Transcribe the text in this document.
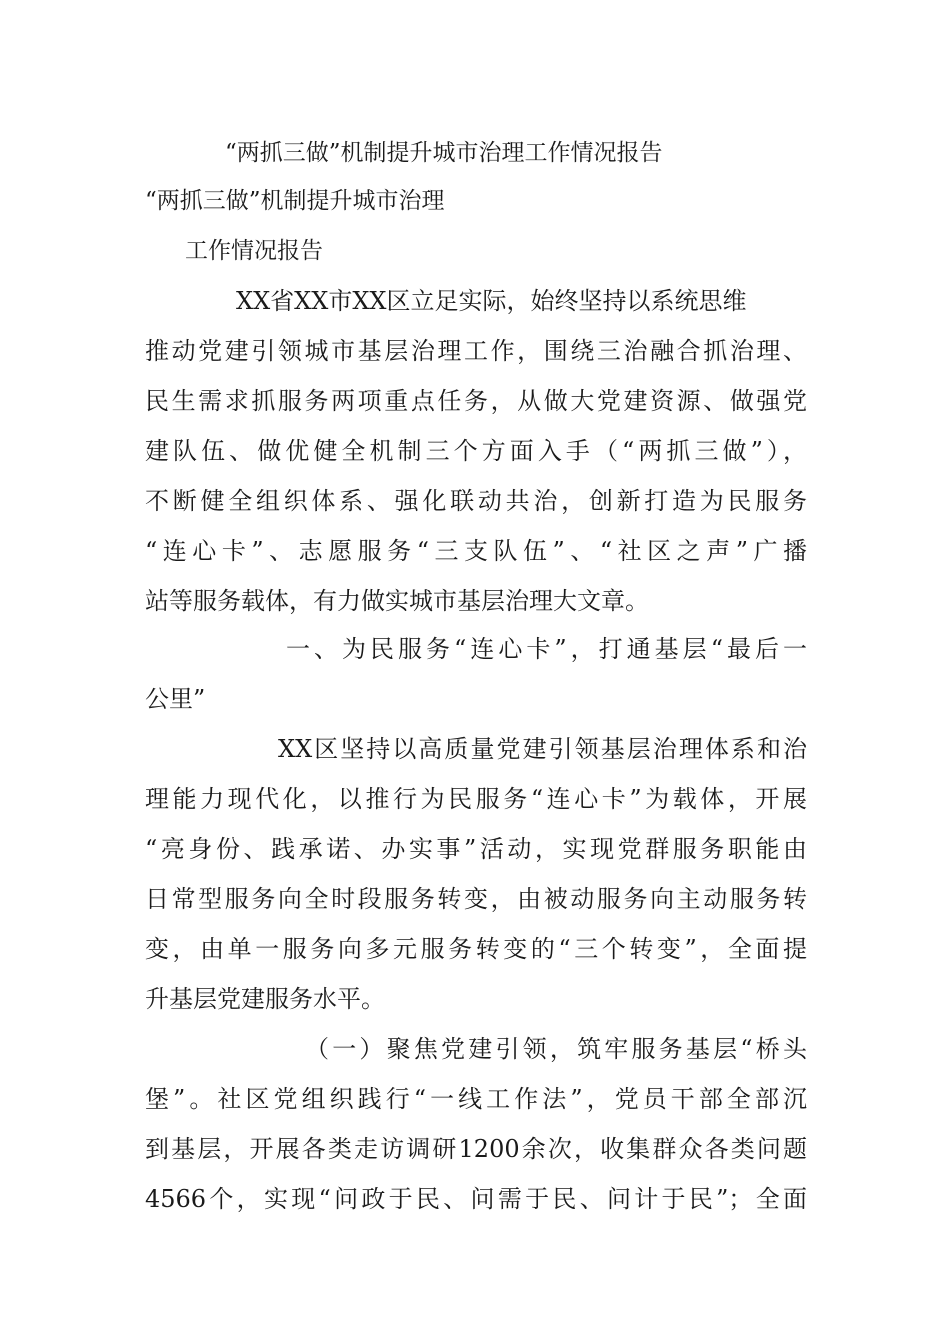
“两抓三做”机制提升城市治理工作情况报告
“两抓三做”机制提升城市治理
工作情况报告
XX省XX市XX区立足实际，始终坚持以系统思维
推动党建引领城市基层治理工作，围绕三治融合抓治理、
民生需求抓服务两项重点任务，从做大党建资源、做强党
建队伍、做优健全机制三个方面入手（“两抓三做”），
不断健全组织体系、强化联动共治，创新打造为民服务
“连心卡”、志愿服务“三支队伍”、“社区之声”广播
站等服务载体，有力做实城市基层治理大文章。
一、为民服务“连心卡”，打通基层“最后一
公里”
XX区坚持以高质量党建引领基层治理体系和治
理能力现代化，以推行为民服务“连心卡”为载体，开展
“亮身份、践承诺、办实事”活动，实现党群服务职能由
日常型服务向全时段服务转变，由被动服务向主动服务转
变，由单一服务向多元服务转变的“三个转变”，全面提
升基层党建服务水平。
（一）聚焦党建引领，筑牢服务基层“桥头
堡”。社区党组织践行“一线工作法”，党员干部全部沉
到基层，开展各类走访调研1200余次，收集群众各类问题
4566个，实现“问政于民、问需于民、问计于民”；全面
